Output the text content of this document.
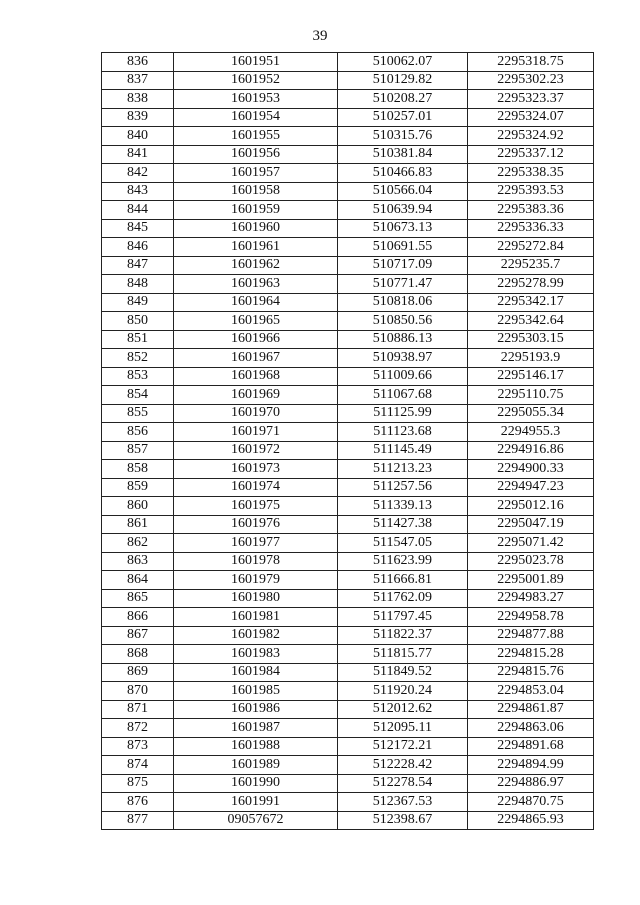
39
836	1601951	510062.07	2295318.75
837	1601952	510129.82	2295302.23
838	1601953	510208.27	2295323.37
839	1601954	510257.01	2295324.07
840	1601955	510315.76	2295324.92
841	1601956	510381.84	2295337.12
842	1601957	510466.83	2295338.35
843	1601958	510566.04	2295393.53
844	1601959	510639.94	2295383.36
845	1601960	510673.13	2295336.33
846	1601961	510691.55	2295272.84
847	1601962	510717.09	2295235.7
848	1601963	510771.47	2295278.99
849	1601964	510818.06	2295342.17
850	1601965	510850.56	2295342.64
851	1601966	510886.13	2295303.15
852	1601967	510938.97	2295193.9
853	1601968	511009.66	2295146.17
854	1601969	511067.68	2295110.75
855	1601970	511125.99	2295055.34
856	1601971	511123.68	2294955.3
857	1601972	511145.49	2294916.86
858	1601973	511213.23	2294900.33
859	1601974	511257.56	2294947.23
860	1601975	511339.13	2295012.16
861	1601976	511427.38	2295047.19
862	1601977	511547.05	2295071.42
863	1601978	511623.99	2295023.78
864	1601979	511666.81	2295001.89
865	1601980	511762.09	2294983.27
866	1601981	511797.45	2294958.78
867	1601982	511822.37	2294877.88
868	1601983	511815.77	2294815.28
869	1601984	511849.52	2294815.76
870	1601985	511920.24	2294853.04
871	1601986	512012.62	2294861.87
872	1601987	512095.11	2294863.06
873	1601988	512172.21	2294891.68
874	1601989	512228.42	2294894.99
875	1601990	512278.54	2294886.97
876	1601991	512367.53	2294870.75
877	09057672	512398.67	2294865.93
